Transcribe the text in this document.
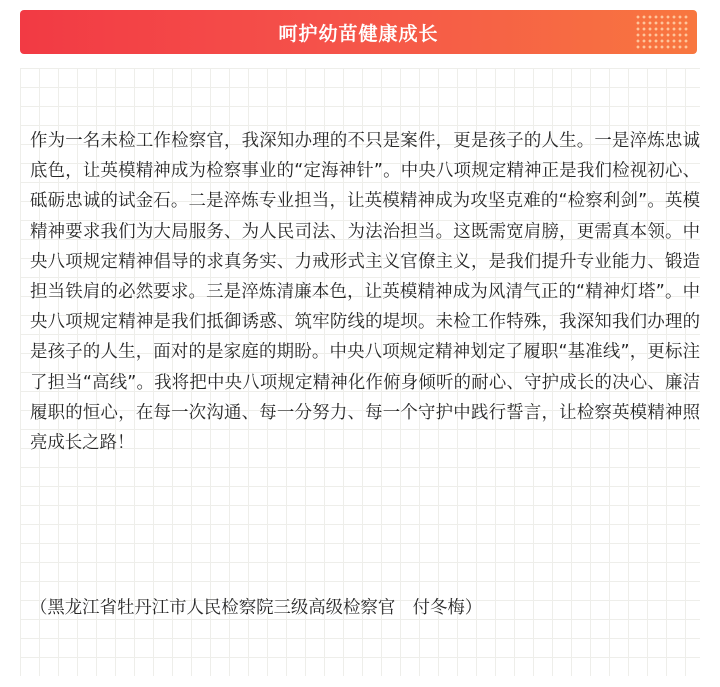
呵护幼苗健康成长

作为一名未检工作检察官，我深知办理的不只是案件，更是孩子的人生。一是淬炼忠诚底色，让英模精神成为检察事业的“定海神针”。中央八项规定精神正是我们检视初心、砥砺忠诚的试金石。二是淬炼专业担当，让英模精神成为攻坚克难的“检察利剑”。英模精神要求我们为大局服务、为人民司法、为法治担当。这既需宽肩膀，更需真本领。中央八项规定精神倡导的求真务实、力戒形式主义官僚主义，是我们提升专业能力、锻造担当铁肩的必然要求。三是淬炼清廉本色，让英模精神成为风清气正的“精神灯塔”。中央八项规定精神是我们抵御诱惑、筑牢防线的堤坝。未检工作特殊，我深知我们办理的是孩子的人生，面对的是家庭的期盼。中央八项规定精神划定了履职“基准线”，更标注了担当“高线”。我将把中央八项规定精神化作俯身倾听的耐心、守护成长的决心、廉洁履职的恒心，在每一次沟通、每一分努力、每一个守护中践行誓言，让检察英模精神照亮成长之路！

（黑龙江省牡丹江市人民检察院三级高级检察官　付冬梅）
